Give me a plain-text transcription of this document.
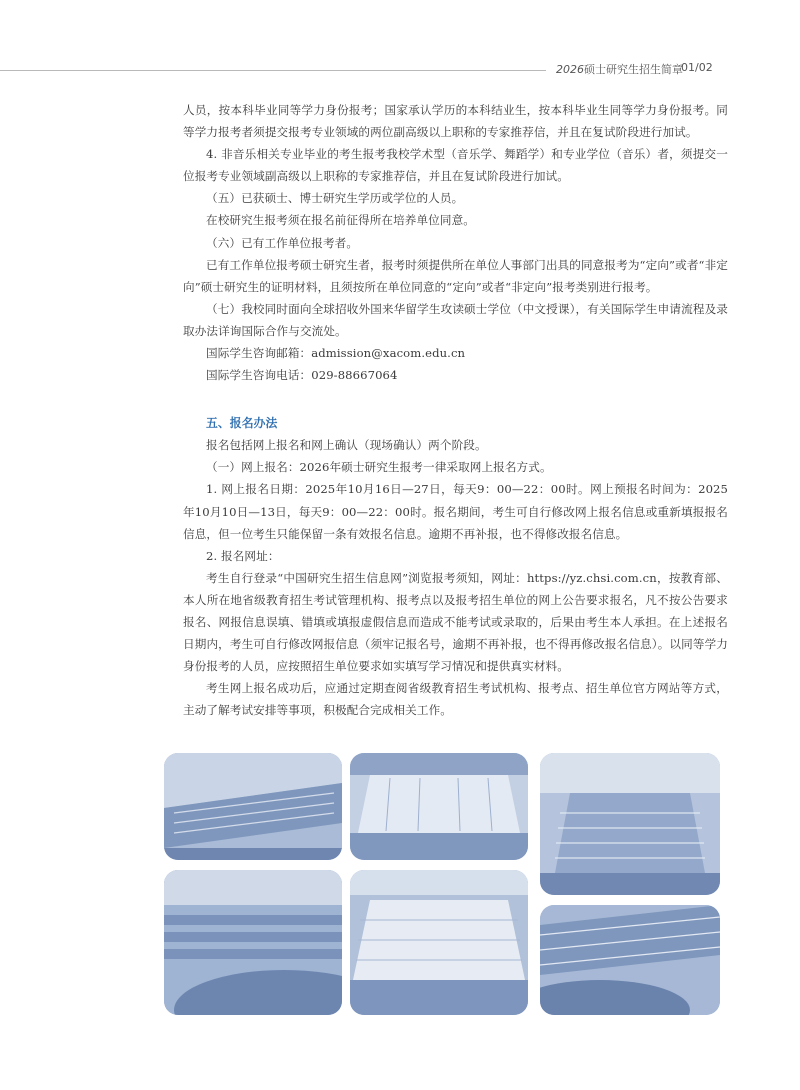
2026硕士研究生招生简章
01/02

人员，按本科毕业同等学力身份报考；国家承认学历的本科结业生，按本科毕业生同等学力身份报考。同等学力报考者须提交报考专业领域的两位副高级以上职称的专家推荐信，并且在复试阶段进行加试。

4. 非音乐相关专业毕业的考生报考我校学术型（音乐学、舞蹈学）和专业学位（音乐）者，须提交一位报考专业领域副高级以上职称的专家推荐信，并且在复试阶段进行加试。

（五）已获硕士、博士研究生学历或学位的人员。

在校研究生报考须在报名前征得所在培养单位同意。

（六）已有工作单位报考者。

已有工作单位报考硕士研究生者，报考时须提供所在单位人事部门出具的同意报考为“定向”或者“非定向”硕士研究生的证明材料，且须按所在单位同意的“定向”或者“非定向”报考类别进行报考。

（七）我校同时面向全球招收外国来华留学生攻读硕士学位（中文授课），有关国际学生申请流程及录取办法详询国际合作与交流处。

国际学生咨询邮箱：admission@xacom.edu.cn

国际学生咨询电话：029-88667064

五、报名办法

报名包括网上报名和网上确认（现场确认）两个阶段。

（一）网上报名：2026年硕士研究生报考一律采取网上报名方式。

1. 网上报名日期：2025年10月16日—27日，每天9：00—22：00时。网上预报名时间为：2025年10月10日—13日，每天9：00—22：00时。报名期间，考生可自行修改网上报名信息或重新填报报名信息，但一位考生只能保留一条有效报名信息。逾期不再补报，也不得修改报名信息。

2. 报名网址：

考生自行登录“中国研究生招生信息网”浏览报考须知，网址：https://yz.chsi.com.cn，按教育部、本人所在地省级教育招生考试管理机构、报考点以及报考招生单位的网上公告要求报名，凡不按公告要求报名、网报信息误填、错填或填报虚假信息而造成不能考试或录取的，后果由考生本人承担。在上述报名日期内，考生可自行修改网报信息（须牢记报名号，逾期不再补报，也不得再修改报名信息）。以同等学力身份报考的人员，应按照招生单位要求如实填写学习情况和提供真实材料。

考生网上报名成功后，应通过定期查阅省级教育招生考试机构、报考点、招生单位官方网站等方式，主动了解考试安排等事项，积极配合完成相关工作。
